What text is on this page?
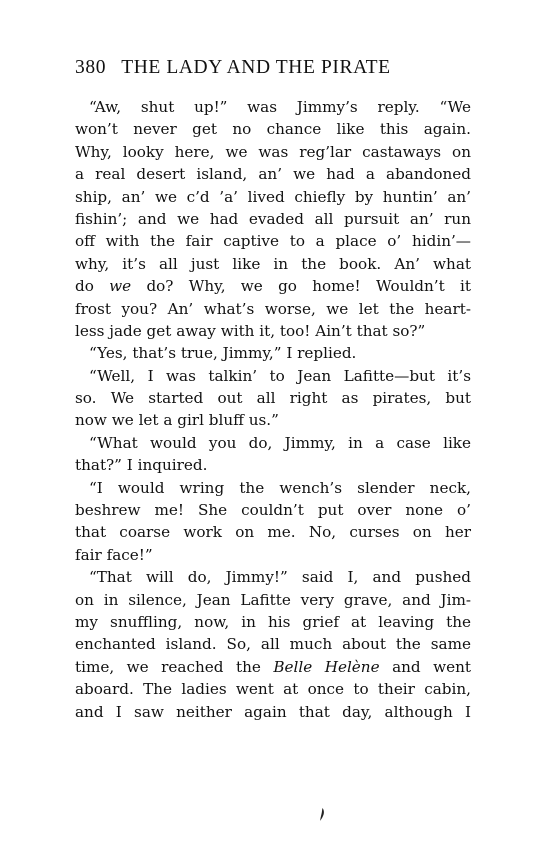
380 THE LADY AND THE PIRATE
“Aw, shut up!” was Jimmy’s reply. “We
won’t never get no chance like this again.
Why, looky here, we was reg’lar castaways on
a real desert island, an’ we had a abandoned
ship, an’ we c’d ’a’ lived chiefly by huntin’ an’
fishin’; and we had evaded all pursuit an’ run
off with the fair captive to a place o’ hidin’—
why, it’s all just like in the book. An’ what
do we do? Why, we go home! Wouldn’t it
frost you? An’ what’s worse, we let the heart-
less jade get away with it, too! Ain’t that so?”
“Yes, that’s true, Jimmy,” I replied.
“Well, I was talkin’ to Jean Lafitte—but it’s
so. We started out all right as pirates, but
now we let a girl bluff us.”
“What would you do, Jimmy, in a case like
that?” I inquired.
“I would wring the wench’s slender neck,
beshrew me! She couldn’t put over none o’
that coarse work on me. No, curses on her
fair face!”
“That will do, Jimmy!” said I, and pushed
on in silence, Jean Lafitte very grave, and Jim-
my snuffling, now, in his grief at leaving the
enchanted island. So, all much about the same
time, we reached the Belle Helène and went
aboard. The ladies went at once to their cabin,
and I saw neither again that day, although I
